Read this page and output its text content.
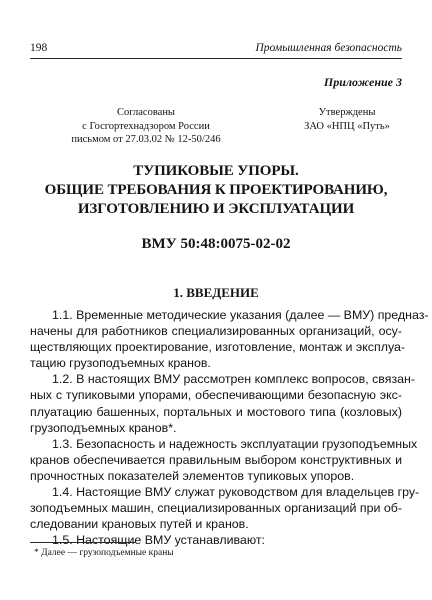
198	Промышленная безопасность
Приложение 3
Согласованы
с Госгортехнадзором России
письмом от 27.03.02 № 12-50/246
Утверждены
ЗАО «НПЦ «Путь»
ТУПИКОВЫЕ УПОРЫ.
ОБЩИЕ ТРЕБОВАНИЯ К ПРОЕКТИРОВАНИЮ,
ИЗГОТОВЛЕНИЮ И ЭКСПЛУАТАЦИИ
ВМУ 50:48:0075-02-02
1. ВВЕДЕНИЕ
1.1. Временные методические указания (далее — ВМУ) предназ-
начены для работников специализированных организаций, осу-
ществляющих проектирование, изготовление, монтаж и эксплуа-
тацию грузоподъемных кранов.
1.2. В настоящих ВМУ рассмотрен комплекс вопросов, связан-
ных с тупиковыми упорами, обеспечивающими безопасную экс-
плуатацию башенных, портальных и мостового типа (козловых)
грузоподъемных кранов*.
1.3. Безопасность и надежность эксплуатации грузоподъемных
кранов обеспечивается правильным выбором конструктивных и
прочностных показателей элементов тупиковых упоров.
1.4. Настоящие ВМУ служат руководством для владельцев гру-
зоподъемных машин, специализированных организаций при об-
следовании крановых путей и кранов.
1.5. Настоящие ВМУ устанавливают:
* Далее — грузоподъемные краны
